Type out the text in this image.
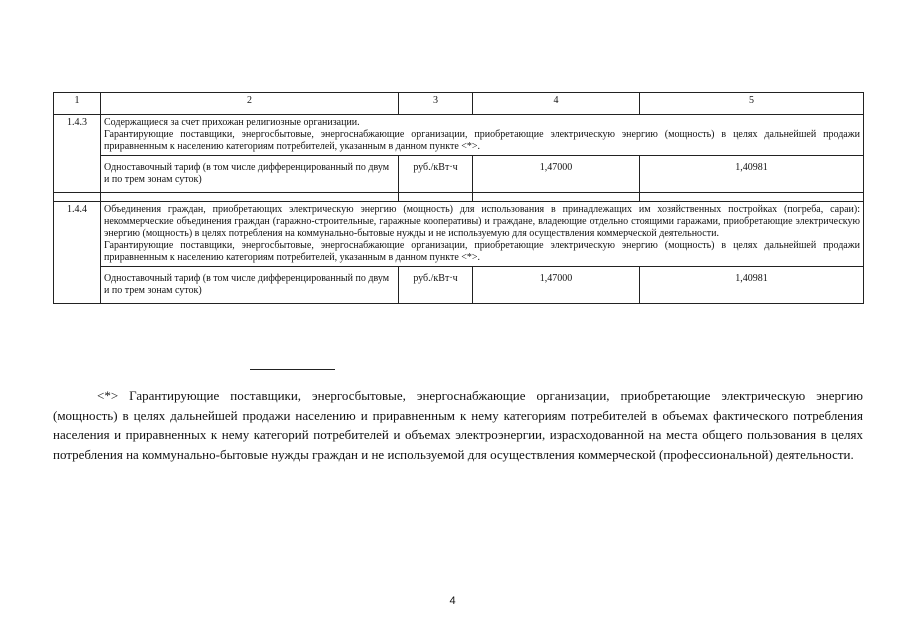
1	2	3	4	5
1.4.3	Содержащиеся за счет прихожан религиозные организации.
Гарантирующие поставщики, энергосбытовые, энергоснабжающие организации, приобретающие электрическую энергию (мощность) в целях дальнейшей продажи приравненным к населению категориям потребителей, указанным в данном пункте <*>.			

	Одноставочный тариф (в том числе дифференцированный по двум и по трем зонам суток)	руб./кВт·ч	1,47000	1,40981

1.4.4	Объединения граждан, приобретающих электрическую энергию (мощность) для использования в принадлежащих им хозяйственных постройках (погреба, сараи): некоммерческие объединения граждан (гаражно-строительные, гаражные кооперативы) и граждане, владеющие отдельно стоящими гаражами, приобретающие электрическую энергию (мощность) в целях потребления на коммунально-бытовые нужды и не используемую для осуществления коммерческой деятельности.
Гарантирующие поставщики, энергосбытовые, энергоснабжающие организации, приобретающие электрическую энергию (мощность) в целях дальнейшей продажи приравненным к населению категориям потребителей, указанным в данном пункте <*>.			

	Одноставочный тариф (в том числе дифференцированный по двум и по трем зонам суток)	руб./кВт·ч	1,47000	1,40981

<*> Гарантирующие поставщики, энергосбытовые, энергоснабжающие организации, приобретающие электрическую энергию (мощность) в целях дальнейшей продажи населению и приравненным к нему категориям потребителей в объемах фактического потребления населения и приравненных к нему категорий потребителей и объемах электроэнергии, израсходованной на места общего пользования в целях потребления на коммунально-бытовые нужды граждан и не используемой для осуществления коммерческой (профессиональной) деятельности.

4
